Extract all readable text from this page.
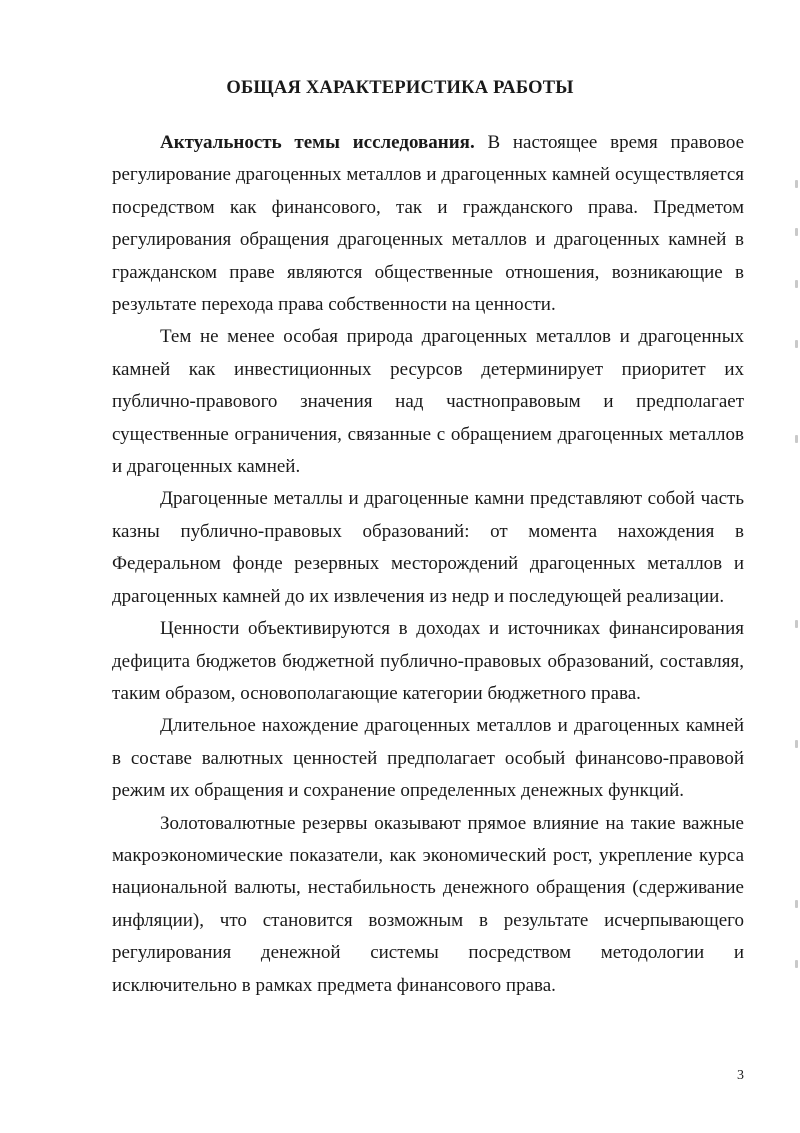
ОБЩАЯ ХАРАКТЕРИСТИКА РАБОТЫ

Актуальность темы исследования. В настоящее время правовое регулирование драгоценных металлов и драгоценных камней осуществляется посредством как финансового, так и гражданского права. Предметом регулирования обращения драгоценных металлов и драгоценных камней в гражданском праве являются общественные отношения, возникающие в результате перехода права собственности на ценности.

Тем не менее особая природа драгоценных металлов и драгоценных камней как инвестиционных ресурсов детерминирует приоритет их публично-правового значения над частноправовым и предполагает существенные ограничения, связанные с обращением драгоценных металлов и драгоценных камней.

Драгоценные металлы и драгоценные камни представляют собой часть казны публично-правовых образований: от момента нахождения в Федеральном фонде резервных месторождений драгоценных металлов и драгоценных камней до их извлечения из недр и последующей реализации.

Ценности объективируются в доходах и источниках финансирования дефицита бюджетов бюджетной публично-правовых образований, составляя, таким образом, основополагающие категории бюджетного права.

Длительное нахождение драгоценных металлов и драгоценных камней в составе валютных ценностей предполагает особый финансово-правовой режим их обращения и сохранение определенных денежных функций.

Золотовалютные резервы оказывают прямое влияние на такие важные макроэкономические показатели, как экономический рост, укрепление курса национальной валюты, нестабильность денежного обращения (сдерживание инфляции), что становится возможным в результате исчерпывающего регулирования денежной системы посредством методологии и исключительно в рамках предмета финансового права.

3
